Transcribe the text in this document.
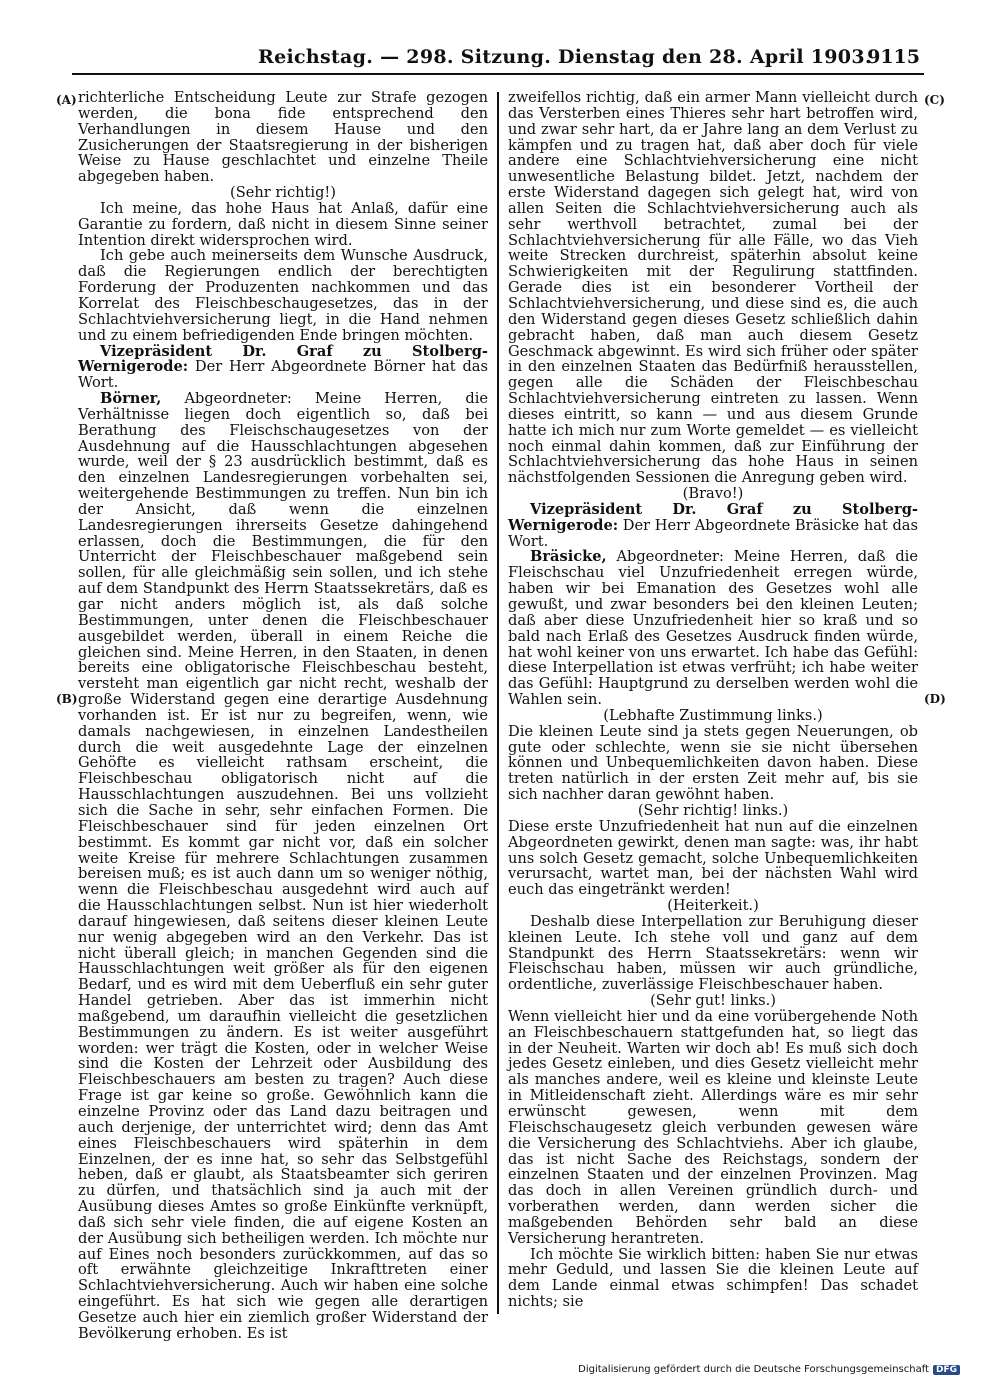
Reichstag. — 298. Sitzung. Dienstag den 28. April 1903.
9115
(A)
(B)
(C)
(D)

richterliche Entscheidung Leute zur Strafe gezogen werden, die bona fide entsprechend den Verhandlungen in diesem Hause und den Zusicherungen der Staatsregierung in der bisherigen Weise zu Hause geschlachtet und einzelne Theile abgegeben haben.

(Sehr richtig!)

Ich meine, das hohe Haus hat Anlaß, dafür eine Garantie zu fordern, daß nicht in diesem Sinne seiner Intention direkt widersprochen wird.

Ich gebe auch meinerseits dem Wunsche Ausdruck, daß die Regierungen endlich der berechtigten Forderung der Produzenten nachkommen und das Korrelat des Fleischbeschaugesetzes, das in der Schlachtviehversicherung liegt, in die Hand nehmen und zu einem befriedigenden Ende bringen möchten.

Vizepräsident Dr. Graf zu Stolberg-Wernigerode: Der Herr Abgeordnete Börner hat das Wort.

Börner, Abgeordneter: Meine Herren, die Verhältnisse liegen doch eigentlich so, daß bei Berathung des Fleischschaugesetzes von der Ausdehnung auf die Hausschlachtungen abgesehen wurde, weil der § 23 ausdrücklich bestimmt, daß es den einzelnen Landesregierungen vorbehalten sei, weitergehende Bestimmungen zu treffen. Nun bin ich der Ansicht, daß wenn die einzelnen Landesregierungen ihrerseits Gesetze dahingehend erlassen, doch die Bestimmungen, die für den Unterricht der Fleischbeschauer maßgebend sein sollen, für alle gleichmäßig sein sollen, und ich stehe auf dem Standpunkt des Herrn Staatssekretärs, daß es gar nicht anders möglich ist, als daß solche Bestimmungen, unter denen die Fleischbeschauer ausgebildet werden, überall in einem Reiche die gleichen sind. Meine Herren, in den Staaten, in denen bereits eine obligatorische Fleischbeschau besteht, versteht man eigentlich gar nicht recht, weshalb der große Widerstand gegen eine derartige Ausdehnung vorhanden ist. Er ist nur zu begreifen, wenn, wie damals nachgewiesen, in einzelnen Landestheilen durch die weit ausgedehnte Lage der einzelnen Gehöfte es vielleicht rathsam erscheint, die Fleischbeschau obligatorisch nicht auf die Hausschlachtungen auszudehnen. Bei uns vollzieht sich die Sache in sehr, sehr einfachen Formen. Die Fleischbeschauer sind für jeden einzelnen Ort bestimmt. Es kommt gar nicht vor, daß ein solcher weite Kreise für mehrere Schlachtungen zusammen bereisen muß; es ist auch dann um so weniger nöthig, wenn die Fleischbeschau ausgedehnt wird auch auf die Hausschlachtungen selbst. Nun ist hier wiederholt darauf hingewiesen, daß seitens dieser kleinen Leute nur wenig abgegeben wird an den Verkehr. Das ist nicht überall gleich; in manchen Gegenden sind die Hausschlachtungen weit größer als für den eigenen Bedarf, und es wird mit dem Ueberfluß ein sehr guter Handel getrieben. Aber das ist immerhin nicht maßgebend, um daraufhin vielleicht die gesetzlichen Bestimmungen zu ändern. Es ist weiter ausgeführt worden: wer trägt die Kosten, oder in welcher Weise sind die Kosten der Lehrzeit oder Ausbildung des Fleischbeschauers am besten zu tragen? Auch diese Frage ist gar keine so große. Gewöhnlich kann die einzelne Provinz oder das Land dazu beitragen und auch derjenige, der unterrichtet wird; denn das Amt eines Fleischbeschauers wird späterhin in dem Einzelnen, der es inne hat, so sehr das Selbstgefühl heben, daß er glaubt, als Staatsbeamter sich geriren zu dürfen, und thatsächlich sind ja auch mit der Ausübung dieses Amtes so große Einkünfte verknüpft, daß sich sehr viele finden, die auf eigene Kosten an der Ausübung sich betheiligen werden. Ich möchte nur auf Eines noch besonders zurückkommen, auf das so oft erwähnte gleichzeitige Inkrafttreten einer Schlachtviehversicherung. Auch wir haben eine solche eingeführt. Es hat sich wie gegen alle derartigen Gesetze auch hier ein ziemlich großer Widerstand der Bevölkerung erhoben. Es ist

zweifellos richtig, daß ein armer Mann vielleicht durch das Versterben eines Thieres sehr hart betroffen wird, und zwar sehr hart, da er Jahre lang an dem Verlust zu kämpfen und zu tragen hat, daß aber doch für viele andere eine Schlachtviehversicherung eine nicht unwesentliche Belastung bildet. Jetzt, nachdem der erste Widerstand dagegen sich gelegt hat, wird von allen Seiten die Schlachtviehversicherung auch als sehr werthvoll betrachtet, zumal bei der Schlachtviehversicherung für alle Fälle, wo das Vieh weite Strecken durchreist, späterhin absolut keine Schwierigkeiten mit der Regulirung stattfinden. Gerade dies ist ein besonderer Vortheil der Schlachtviehversicherung, und diese sind es, die auch den Widerstand gegen dieses Gesetz schließlich dahin gebracht haben, daß man auch diesem Gesetz Geschmack abgewinnt. Es wird sich früher oder später in den einzelnen Staaten das Bedürfniß herausstellen, gegen alle die Schäden der Fleischbeschau Schlachtviehversicherung eintreten zu lassen. Wenn dieses eintritt, so kann — und aus diesem Grunde hatte ich mich nur zum Worte gemeldet — es vielleicht noch einmal dahin kommen, daß zur Einführung der Schlachtviehversicherung das hohe Haus in seinen nächstfolgenden Sessionen die Anregung geben wird.

(Bravo!)

Vizepräsident Dr. Graf zu Stolberg-Wernigerode: Der Herr Abgeordnete Bräsicke hat das Wort.

Bräsicke, Abgeordneter: Meine Herren, daß die Fleischschau viel Unzufriedenheit erregen würde, haben wir bei Emanation des Gesetzes wohl alle gewußt, und zwar besonders bei den kleinen Leuten; daß aber diese Unzufriedenheit hier so kraß und so bald nach Erlaß des Gesetzes Ausdruck finden würde, hat wohl keiner von uns erwartet. Ich habe das Gefühl: diese Interpellation ist etwas verfrüht; ich habe weiter das Gefühl: Hauptgrund zu derselben werden wohl die Wahlen sein.

(Lebhafte Zustimmung links.)

Die kleinen Leute sind ja stets gegen Neuerungen, ob gute oder schlechte, wenn sie sie nicht übersehen können und Unbequemlichkeiten davon haben. Diese treten natürlich in der ersten Zeit mehr auf, bis sie sich nachher daran gewöhnt haben.

(Sehr richtig! links.)

Diese erste Unzufriedenheit hat nun auf die einzelnen Abgeordneten gewirkt, denen man sagte: was, ihr habt uns solch Gesetz gemacht, solche Unbequemlichkeiten verursacht, wartet man, bei der nächsten Wahl wird euch das eingetränkt werden!

(Heiterkeit.)

Deshalb diese Interpellation zur Beruhigung dieser kleinen Leute. Ich stehe voll und ganz auf dem Standpunkt des Herrn Staatssekretärs: wenn wir Fleischschau haben, müssen wir auch gründliche, ordentliche, zuverlässige Fleischbeschauer haben.

(Sehr gut! links.)

Wenn vielleicht hier und da eine vorübergehende Noth an Fleischbeschauern stattgefunden hat, so liegt das in der Neuheit. Warten wir doch ab! Es muß sich doch jedes Gesetz einleben, und dies Gesetz vielleicht mehr als manches andere, weil es kleine und kleinste Leute in Mitleidenschaft zieht. Allerdings wäre es mir sehr erwünscht gewesen, wenn mit dem Fleischschaugesetz gleich verbunden gewesen wäre die Versicherung des Schlachtviehs. Aber ich glaube, das ist nicht Sache des Reichstags, sondern der einzelnen Staaten und der einzelnen Provinzen. Mag das doch in allen Vereinen gründlich durch- und vorberathen werden, dann werden sicher die maßgebenden Behörden sehr bald an diese Versicherung herantreten.

Ich möchte Sie wirklich bitten: haben Sie nur etwas mehr Geduld, und lassen Sie die kleinen Leute auf dem Lande einmal etwas schimpfen! Das schadet nichts; sie

Digitalisierung gefördert durch die Deutsche Forschungsgemeinschaft DFG
